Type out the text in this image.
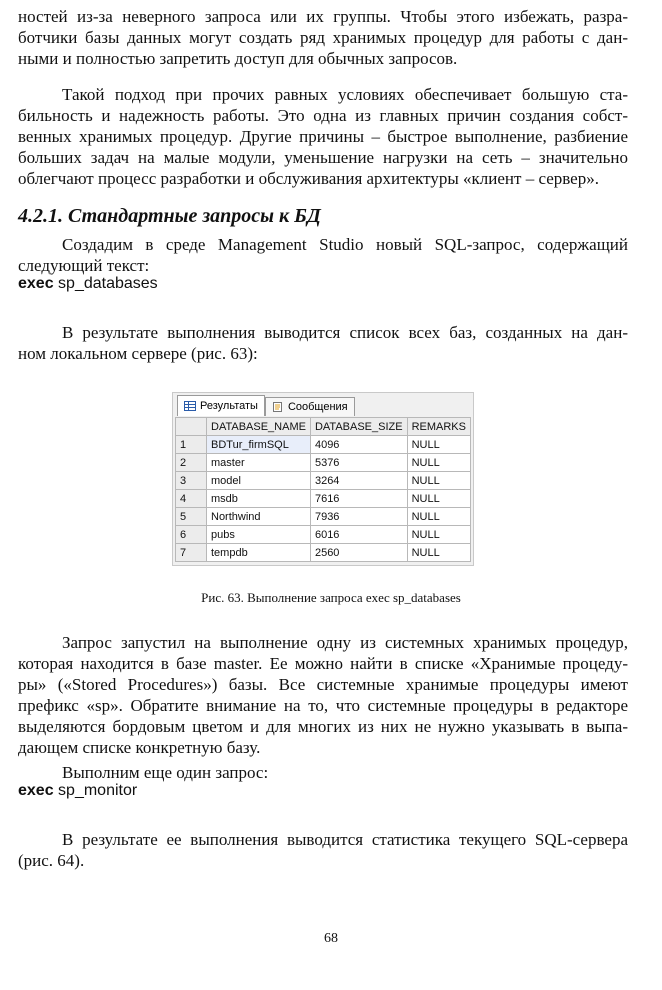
ностей из-за неверного запроса или их группы. Чтобы этого избежать, разра-
ботчики базы данных могут создать ряд хранимых процедур для работы с дан-
ными и полностью запретить доступ для обычных запросов.
Такой подход при прочих равных условиях обеспечивает большую ста-
бильность и надежность работы. Это одна из главных причин создания собст-
венных хранимых процедур. Другие причины – быстрое выполнение, разбиение
больших задач на малые модули, уменьшение нагрузки на сеть – значительно
облегчают процесс разработки и обслуживания архитектуры «клиент – сервер».
4.2.1. Стандартные запросы к БД
Создадим в среде Management Studio новый SQL-запрос, содержащий
следующий текст:
exec sp_databases
В результате выполнения выводится список всех баз, созданных на дан-
ном локальном сервере (рис. 63):
Результаты	Сообщения
	DATABASE_NAME	DATABASE_SIZE	REMARKS
1	BDTur_firmSQL	4096	NULL
2	master	5376	NULL
3	model	3264	NULL
4	msdb	7616	NULL
5	Northwind	7936	NULL
6	pubs	6016	NULL
7	tempdb	2560	NULL
Рис. 63. Выполнение запроса exec sp_databases
Запрос запустил на выполнение одну из системных хранимых процедур,
которая находится в базе master. Ее можно найти в списке «Хранимые процеду-
ры» («Stored Procedures») базы. Все системные хранимые процедуры имеют
префикс «sp». Обратите внимание на то, что системные процедуры в редакторе
выделяются бордовым цветом и для многих из них не нужно указывать в выпа-
дающем списке конкретную базу.
Выполним еще один запрос:
exec sp_monitor
В результате ее выполнения выводится статистика текущего SQL-сервера
(рис. 64).
68
